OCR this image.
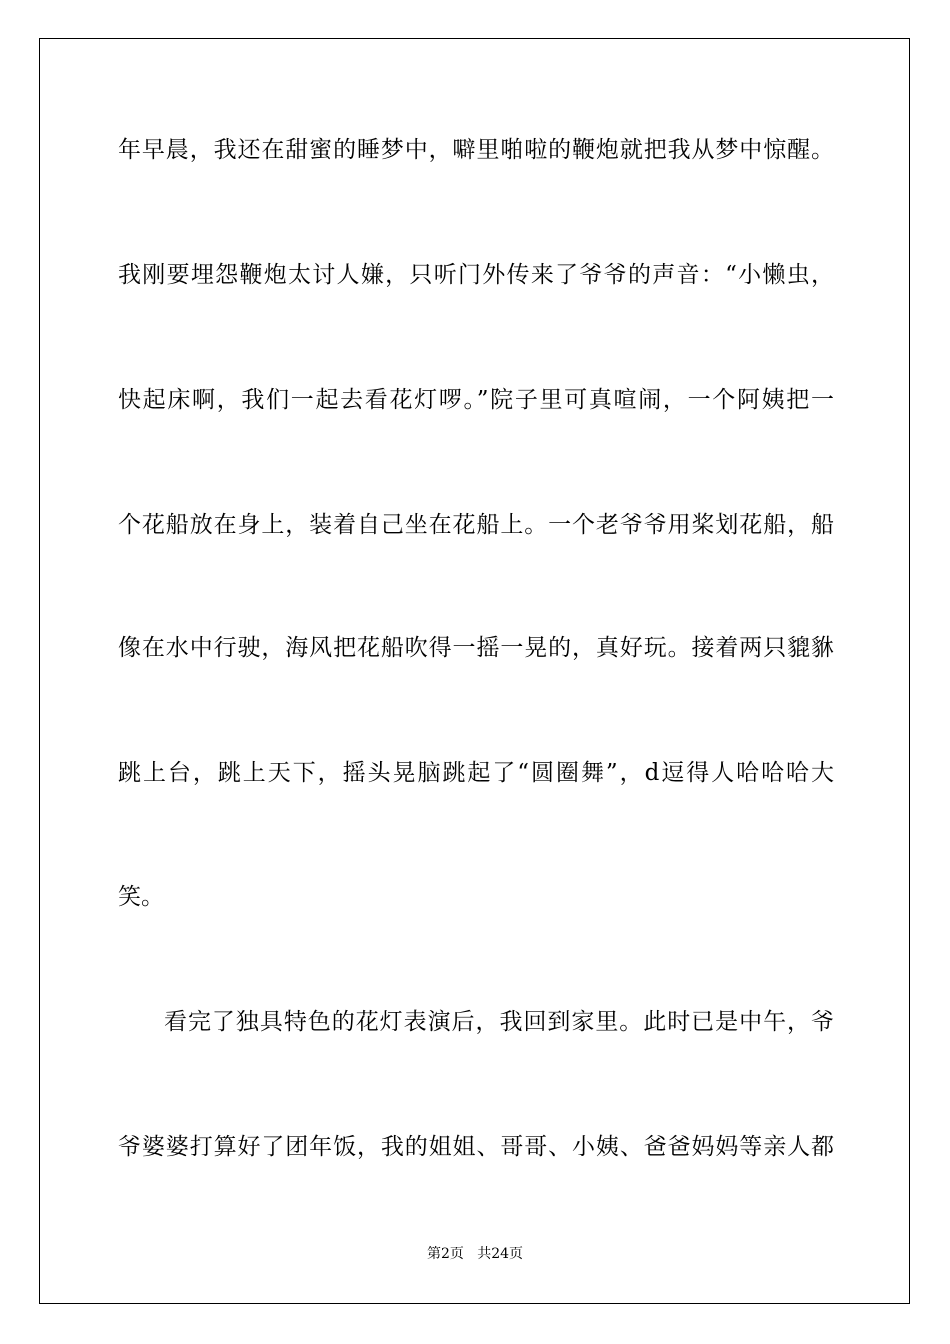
年早晨，我还在甜蜜的睡梦中，噼里啪啦的鞭炮就把我从梦中惊醒。
我刚要埋怨鞭炮太讨人嫌，只听门外传来了爷爷的声音：“小懒虫，
快起床啊，我们一起去看花灯啰。”院子里可真喧闹，一个阿姨把一
个花船放在身上，装着自己坐在花船上。一个老爷爷用桨划花船，船
像在水中行驶，海风把花船吹得一摇一晃的，真好玩。接着两只貔貅
跳上台，跳上天下，摇头晃脑跳起了“圆圈舞”，d逗得人哈哈哈大
笑。
看完了独具特色的花灯表演后，我回到家里。此时已是中午，爷
爷婆婆打算好了团年饭，我的姐姐、哥哥、小姨、爸爸妈妈等亲人都
第2页   共24页
